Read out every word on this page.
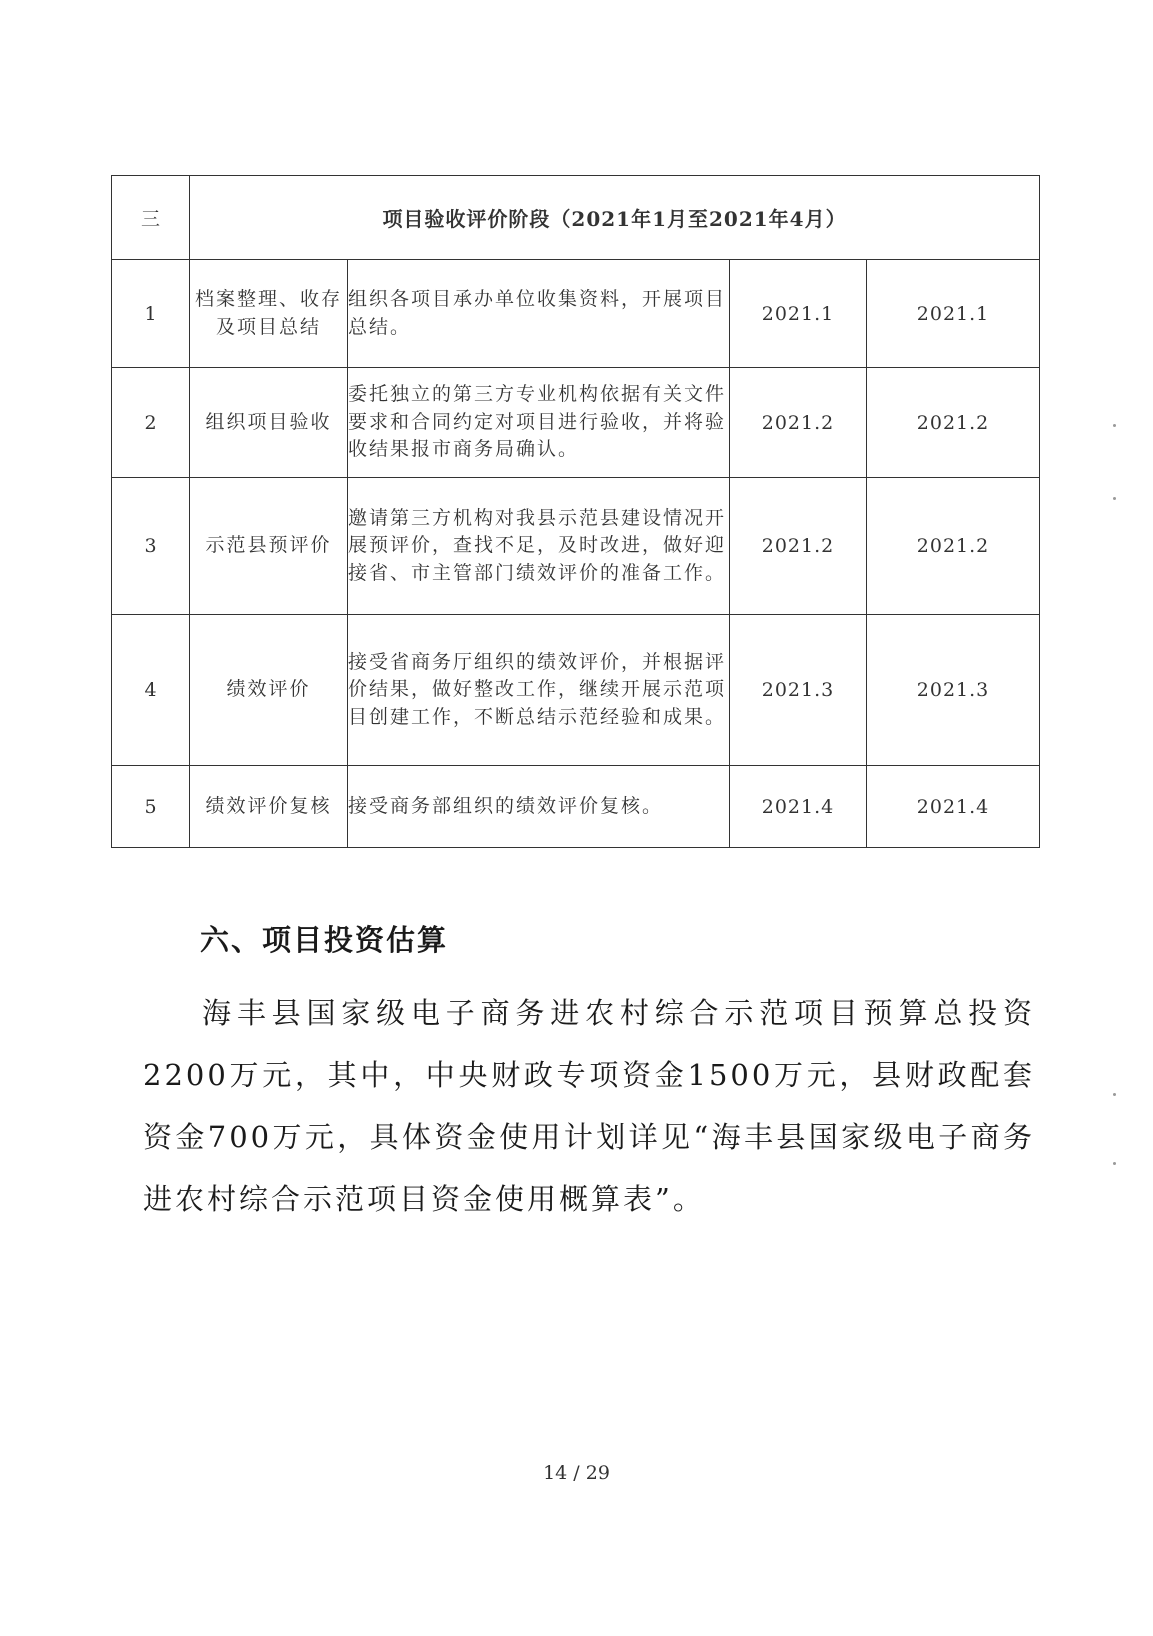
三	项目验收评价阶段（2021年1月至2021年4月）			
1	档案整理、收存及项目总结	组织各项目承办单位收集资料，开展项目总结。	2021.1	2021.1
2	组织项目验收	委托独立的第三方专业机构依据有关文件要求和合同约定对项目进行验收，并将验收结果报市商务局确认。	2021.2	2021.2
3	示范县预评价	邀请第三方机构对我县示范县建设情况开展预评价，查找不足，及时改进，做好迎接省、市主管部门绩效评价的准备工作。	2021.2	2021.2
4	绩效评价	接受省商务厅组织的绩效评价，并根据评价结果，做好整改工作，继续开展示范项目创建工作，不断总结示范经验和成果。	2021.3	2021.3
5	绩效评价复核	接受商务部组织的绩效评价复核。	2021.4	2021.4
六、项目投资估算
海丰县国家级电子商务进农村综合示范项目预算总投资2200万元，其中，中央财政专项资金1500万元，县财政配套资金700万元，具体资金使用计划详见“海丰县国家级电子商务进农村综合示范项目资金使用概算表”。
14 / 29
